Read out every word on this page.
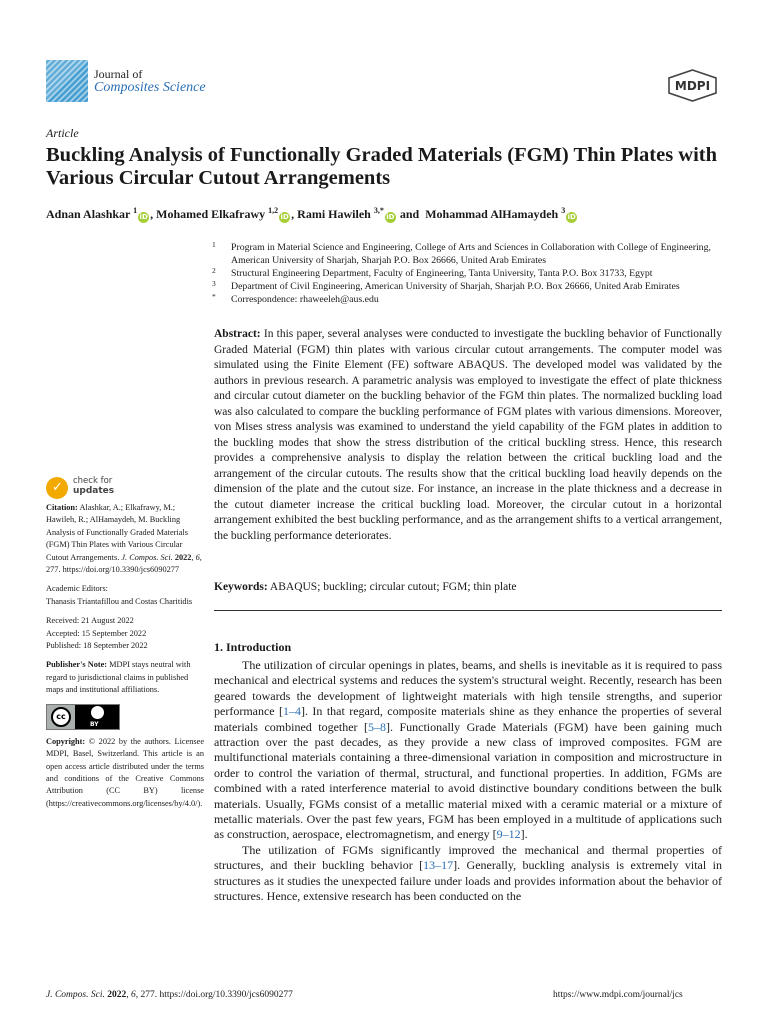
Journal of
Composites Science	MDPI
Article
Buckling Analysis of Functionally Graded Materials (FGM) Thin Plates with Various Circular Cutout Arrangements
Adnan Alashkar $^1$iD , Mohamed Elkafrawy $^{1,2}$iD , Rami Hawileh $^{3,*}$iD and  Mohammad AlHamaydeh $^3$iD
1 Program in Material Science and Engineering, College of Arts and Sciences in Collaboration with College of Engineering, American University of Sharjah, Sharjah P.O. Box 26666, United Arab Emirates
2 Structural Engineering Department, Faculty of Engineering, Tanta University, Tanta P.O. Box 31733, Egypt
3 Department of Civil Engineering, American University of Sharjah, Sharjah P.O. Box 26666, United Arab Emirates
* Correspondence: rhaweeleh@aus.edu
Abstract: In this paper, several analyses were conducted to investigate the buckling behavior of Functionally Graded Material (FGM) thin plates with various circular cutout arrangements. The computer model was simulated using the Finite Element (FE) software ABAQUS. The developed model was validated by the authors in previous research. A parametric analysis was employed to investigate the effect of plate thickness and circular cutout diameter on the buckling behavior of the FGM thin plates. The normalized buckling load was also calculated to compare the buckling performance of FGM plates with various dimensions. Moreover, von Mises stress analysis was examined to understand the yield capability of the FGM plates in addition to the buckling modes that show the stress distribution of the critical buckling stress. Hence, this research provides a comprehensive analysis to display the relation between the critical buckling load and the arrangement of the circular cutouts. The results show that the critical buckling load heavily depends on the dimension of the plate and the cutout size. For instance, an increase in the plate thickness and a decrease in the cutout diameter increase the critical buckling load. Moreover, the circular cutout in a horizontal arrangement exhibited the best buckling performance, and as the arrangement shifts to a vertical arrangement, the buckling performance deteriorates.
Keywords: ABAQUS; buckling; circular cutout; FGM; thin plate
✓ check for
updates

Citation: Alashkar, A.; Elkafrawy, M.; Hawileh, R.; AlHamaydeh, M. Buckling Analysis of Functionally Graded Materials (FGM) Thin Plates with Various Circular Cutout Arrangements. J. Compos. Sci. 2022, 6, 277. https://doi.org/10.3390/jcs6090277

Academic Editors:
Thanasis Triantafillou and Costas Charitidis

Received: 21 August 2022
Accepted: 15 September 2022
Published: 18 September 2022

Publisher's Note: MDPI stays neutral with regard to jurisdictional claims in published maps and institutional affiliations.

cc
BY

Copyright: © 2022 by the authors. Licensee MDPI, Basel, Switzerland. This article is an open access article distributed under the terms and conditions of the Creative Commons Attribution (CC BY) license (https://creativecommons.org/licenses/by/4.0/).

1. Introduction

The utilization of circular openings in plates, beams, and shells is inevitable as it is required to pass mechanical and electrical systems and reduces the system's structural weight. Recently, research has been geared towards the development of lightweight materials with high tensile strengths, and superior performance [1–4]. In that regard, composite materials shine as they enhance the properties of several materials combined together [5–8]. Functionally Grade Materials (FGM) have been gaining much attraction over the past decades, as they provide a new class of improved composites. FGM are multifunctional materials containing a three-dimensional variation in composition and microstructure in order to control the variation of thermal, structural, and functional properties. In addition, FGMs are combined with a rated interference material to avoid distinctive boundary conditions between the bulk materials. Usually, FGMs consist of a metallic material mixed with a ceramic material or a mixture of metallic materials. Over the past few years, FGM has been employed in a multitude of applications such as construction, aerospace, electromagnetism, and energy [9–12].

The utilization of FGMs significantly improved the mechanical and thermal properties of structures, and their buckling behavior [13–17]. Generally, buckling analysis is extremely vital in structures as it studies the unexpected failure under loads and provides information about the behavior of structures. Hence, extensive research has been conducted on the

J. Compos. Sci. 2022, 6, 277. https://doi.org/10.3390/jcs6090277	https://www.mdpi.com/journal/jcs
